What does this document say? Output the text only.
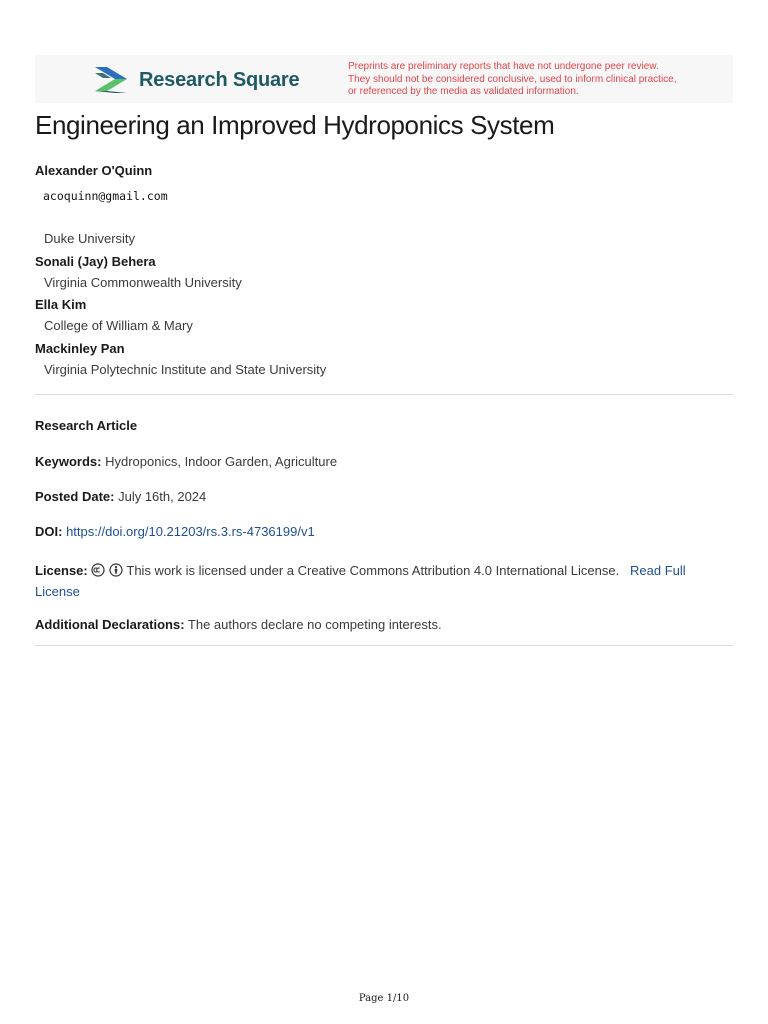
Research Square
Preprints are preliminary reports that have not undergone peer review.
They should not be considered conclusive, used to inform clinical practice,
or referenced by the media as validated information.
Engineering an Improved Hydroponics System
Alexander O'Quinn
acoquinn@gmail.com
Duke University
Sonali (Jay) Behera
Virginia Commonwealth University
Ella Kim
College of William & Mary
Mackinley Pan
Virginia Polytechnic Institute and State University
Research Article
Keywords: Hydroponics, Indoor Garden, Agriculture
Posted Date: July 16th, 2024
DOI: https://doi.org/10.21203/rs.3.rs-4736199/v1
License:	This work is licensed under a Creative Commons Attribution 4.0 International License. Read Full License
Additional Declarations: The authors declare no competing interests.
Page 1/10
